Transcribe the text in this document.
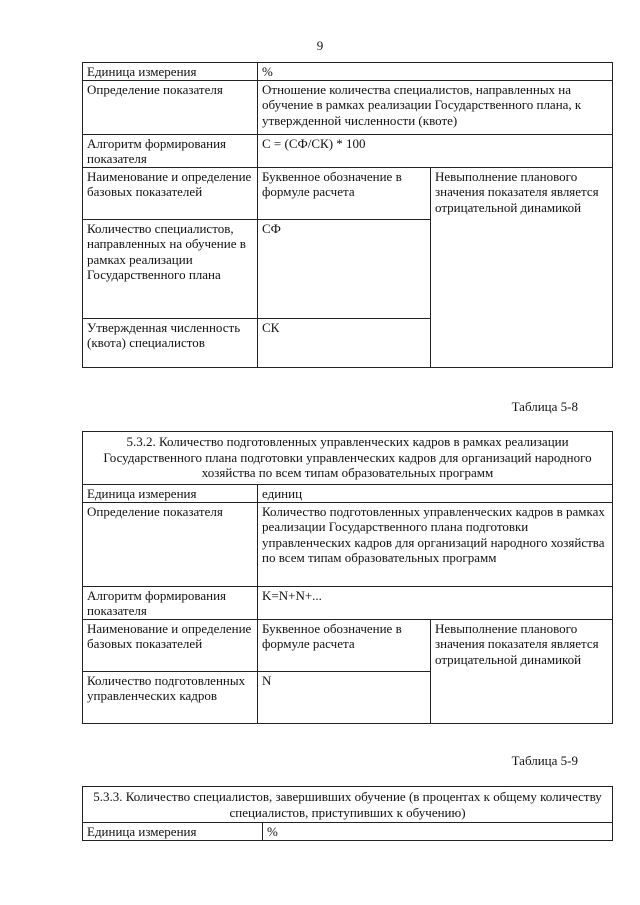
9
Единица измерения	%	
Определение показателя	Отношение количества специалистов, направленных на обучение в рамках реализации Государственного плана, к утвержденной численности (квоте)	
Алгоритм формирования показателя	C = (СФ/СК) * 100	
Наименование и определение базовых показателей	Буквенное обозначение в формуле расчета	Невыполнение планового значения показателя является отрицательной динамикой
Количество специалистов, направленных на обучение в рамках реализации Государственного плана	СФ	
Утвержденная численность (квота) специалистов	СК	
Таблица 5-8
5.3.2. Количество подготовленных управленческих кадров в рамках реализации Государственного плана подготовки управленческих кадров для организаций народного хозяйства по всем типам образовательных программ		
Единица измерения	единиц	
Определение показателя	Количество подготовленных управленческих кадров в рамках реализации Государственного плана подготовки управленческих кадров для организаций народного хозяйства по всем типам образовательных программ	
Алгоритм формирования показателя	K=N+N+...	
Наименование и определение базовых показателей	Буквенное обозначение в формуле расчета	Невыполнение планового значения показателя является отрицательной динамикой
Количество подготовленных управленческих кадров	N	
Таблица 5-9
5.3.3. Количество специалистов, завершивших обучение (в процентах к общему количеству специалистов, приступивших к обучению)
Единица измерения	%
